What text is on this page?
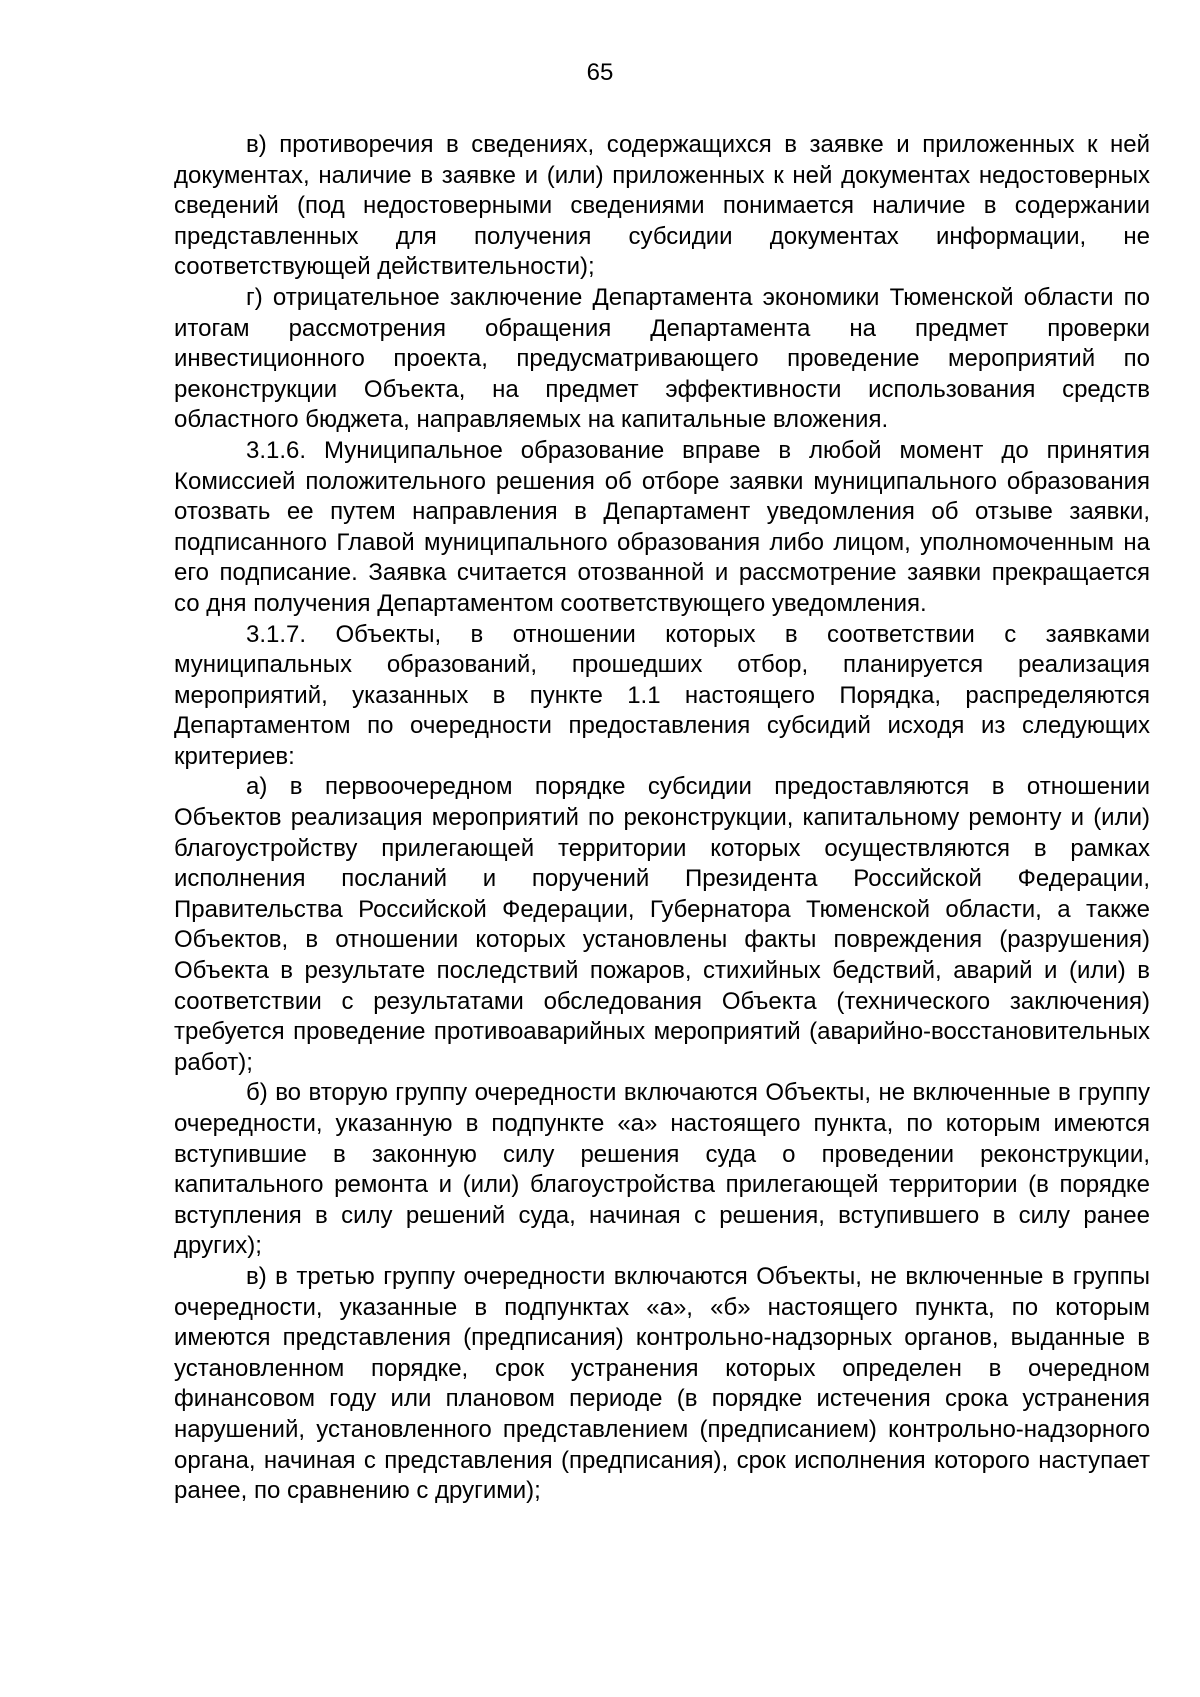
65

в) противоречия в сведениях, содержащихся в заявке и приложенных к ней документах, наличие в заявке и (или) приложенных к ней документах недостоверных сведений (под недостоверными сведениями понимается наличие в содержании представленных для получения субсидии документах информации, не соответствующей действительности);

г) отрицательное заключение Департамента экономики Тюменской области по итогам рассмотрения обращения Департамента на предмет проверки инвестиционного проекта, предусматривающего проведение мероприятий по реконструкции Объекта, на предмет эффективности использования средств областного бюджета, направляемых на капитальные вложения.

3.1.6. Муниципальное образование вправе в любой момент до принятия Комиссией положительного решения об отборе заявки муниципального образования отозвать ее путем направления в Департамент уведомления об отзыве заявки, подписанного Главой муниципального образования либо лицом, уполномоченным на его подписание. Заявка считается отозванной и рассмотрение заявки прекращается со дня получения Департаментом соответствующего уведомления.

3.1.7. Объекты, в отношении которых в соответствии с заявками муниципальных образований, прошедших отбор, планируется реализация мероприятий, указанных в пункте 1.1 настоящего Порядка, распределяются Департаментом по очередности предоставления субсидий исходя из следующих критериев:

а) в первоочередном порядке субсидии предоставляются в отношении Объектов реализация мероприятий по реконструкции, капитальному ремонту и (или) благоустройству прилегающей территории которых осуществляются в рамках исполнения посланий и поручений Президента Российской Федерации, Правительства Российской Федерации, Губернатора Тюменской области, а также Объектов, в отношении которых установлены факты повреждения (разрушения) Объекта в результате последствий пожаров, стихийных бедствий, аварий и (или) в соответствии с результатами обследования Объекта (технического заключения) требуется проведение противоаварийных мероприятий (аварийно-восстановительных работ);

б) во вторую группу очередности включаются Объекты, не включенные в группу очередности, указанную в подпункте «а» настоящего пункта, по которым имеются вступившие в законную силу решения суда о проведении реконструкции, капитального ремонта и (или) благоустройства прилегающей территории (в порядке вступления в силу решений суда, начиная с решения, вступившего в силу ранее других);

в) в третью группу очередности включаются Объекты, не включенные в группы очередности, указанные в подпунктах «а», «б» настоящего пункта, по которым имеются представления (предписания) контрольно-надзорных органов, выданные в установленном порядке, срок устранения которых определен в очередном финансовом году или плановом периоде (в порядке истечения срока устранения нарушений, установленного представлением (предписанием) контрольно-надзорного органа, начиная с представления (предписания), срок исполнения которого наступает ранее, по сравнению с другими);
